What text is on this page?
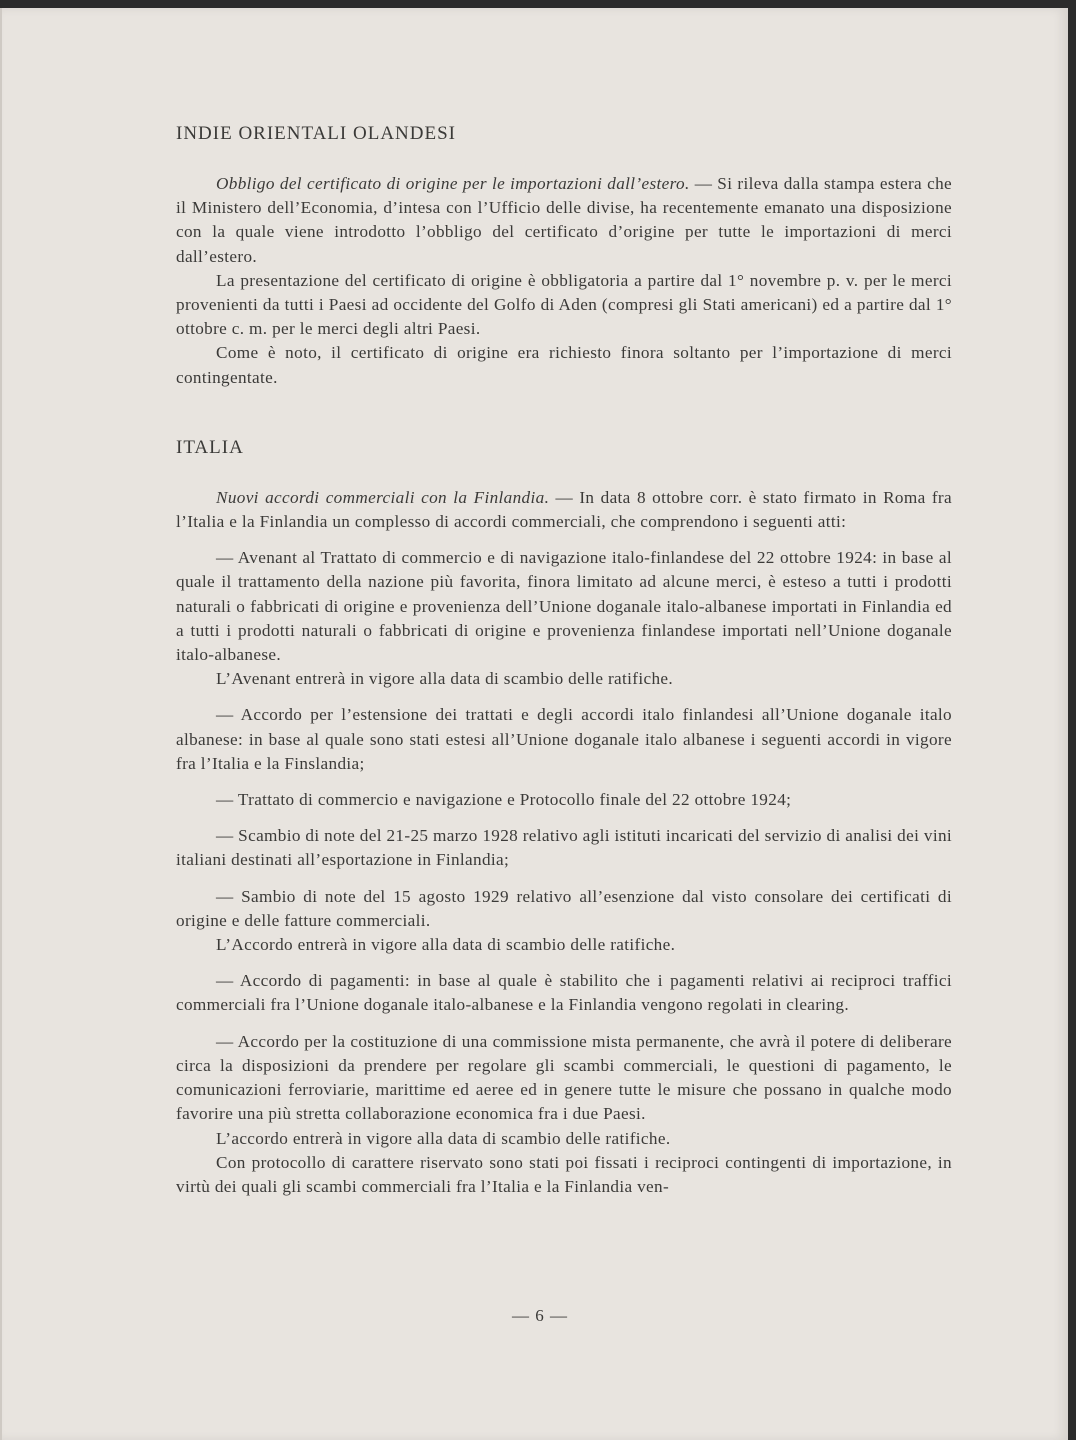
INDIE ORIENTALI OLANDESI

Obbligo del certificato di origine per le importazioni dall’estero. — Si rileva dalla stampa estera che il Ministero dell’Economia, d’intesa con l’Ufficio delle divise, ha recentemente emanato una disposizione con la quale viene introdotto l’obbligo del certificato d’origine per tutte le importazioni di merci dall’estero.

La presentazione del certificato di origine è obbligatoria a partire dal 1° novembre p. v. per le merci provenienti da tutti i Paesi ad occidente del Golfo di Aden (compresi gli Stati americani) ed a partire dal 1° ottobre c. m. per le merci degli altri Paesi.

Come è noto, il certificato di origine era richiesto finora soltanto per l’importazione di merci contingentate.

ITALIA

Nuovi accordi commerciali con la Finlandia. — In data 8 ottobre corr. è stato firmato in Roma fra l’Italia e la Finlandia un complesso di accordi commerciali, che comprendono i seguenti atti:

— Avenant al Trattato di commercio e di navigazione italo-finlandese del 22 ottobre 1924: in base al quale il trattamento della nazione più favorita, finora limitato ad alcune merci, è esteso a tutti i prodotti naturali o fabbricati di origine e provenienza dell’Unione doganale italo-albanese importati in Finlandia ed a tutti i prodotti naturali o fabbricati di origine e provenienza finlandese importati nell’Unione doganale italo-albanese.

L’Avenant entrerà in vigore alla data di scambio delle ratifiche.

— Accordo per l’estensione dei trattati e degli accordi italo finlandesi all’Unione doganale italo albanese: in base al quale sono stati estesi all’Unione doganale italo albanese i seguenti accordi in vigore fra l’Italia e la Finslandia;

— Trattato di commercio e navigazione e Protocollo finale del 22 ottobre 1924;

— Scambio di note del 21-25 marzo 1928 relativo agli istituti incaricati del servizio di analisi dei vini italiani destinati all’esportazione in Finlandia;

— Sambio di note del 15 agosto 1929 relativo all’esenzione dal visto consolare dei certificati di origine e delle fatture commerciali.

L’Accordo entrerà in vigore alla data di scambio delle ratifiche.

— Accordo di pagamenti: in base al quale è stabilito che i pagamenti relativi ai reciproci traffici commerciali fra l’Unione doganale italo-albanese e la Finlandia vengono regolati in clearing.

— Accordo per la costituzione di una commissione mista permanente, che avrà il potere di deliberare circa la disposizioni da prendere per regolare gli scambi commerciali, le questioni di pagamento, le comunicazioni ferroviarie, marittime ed aeree ed in genere tutte le misure che possano in qualche modo favorire una più stretta collaborazione economica fra i due Paesi.

L’accordo entrerà in vigore alla data di scambio delle ratifiche.

Con protocollo di carattere riservato sono stati poi fissati i reciproci contingenti di importazione, in virtù dei quali gli scambi commerciali fra l’Italia e la Finlandia ven-

— 6 —
